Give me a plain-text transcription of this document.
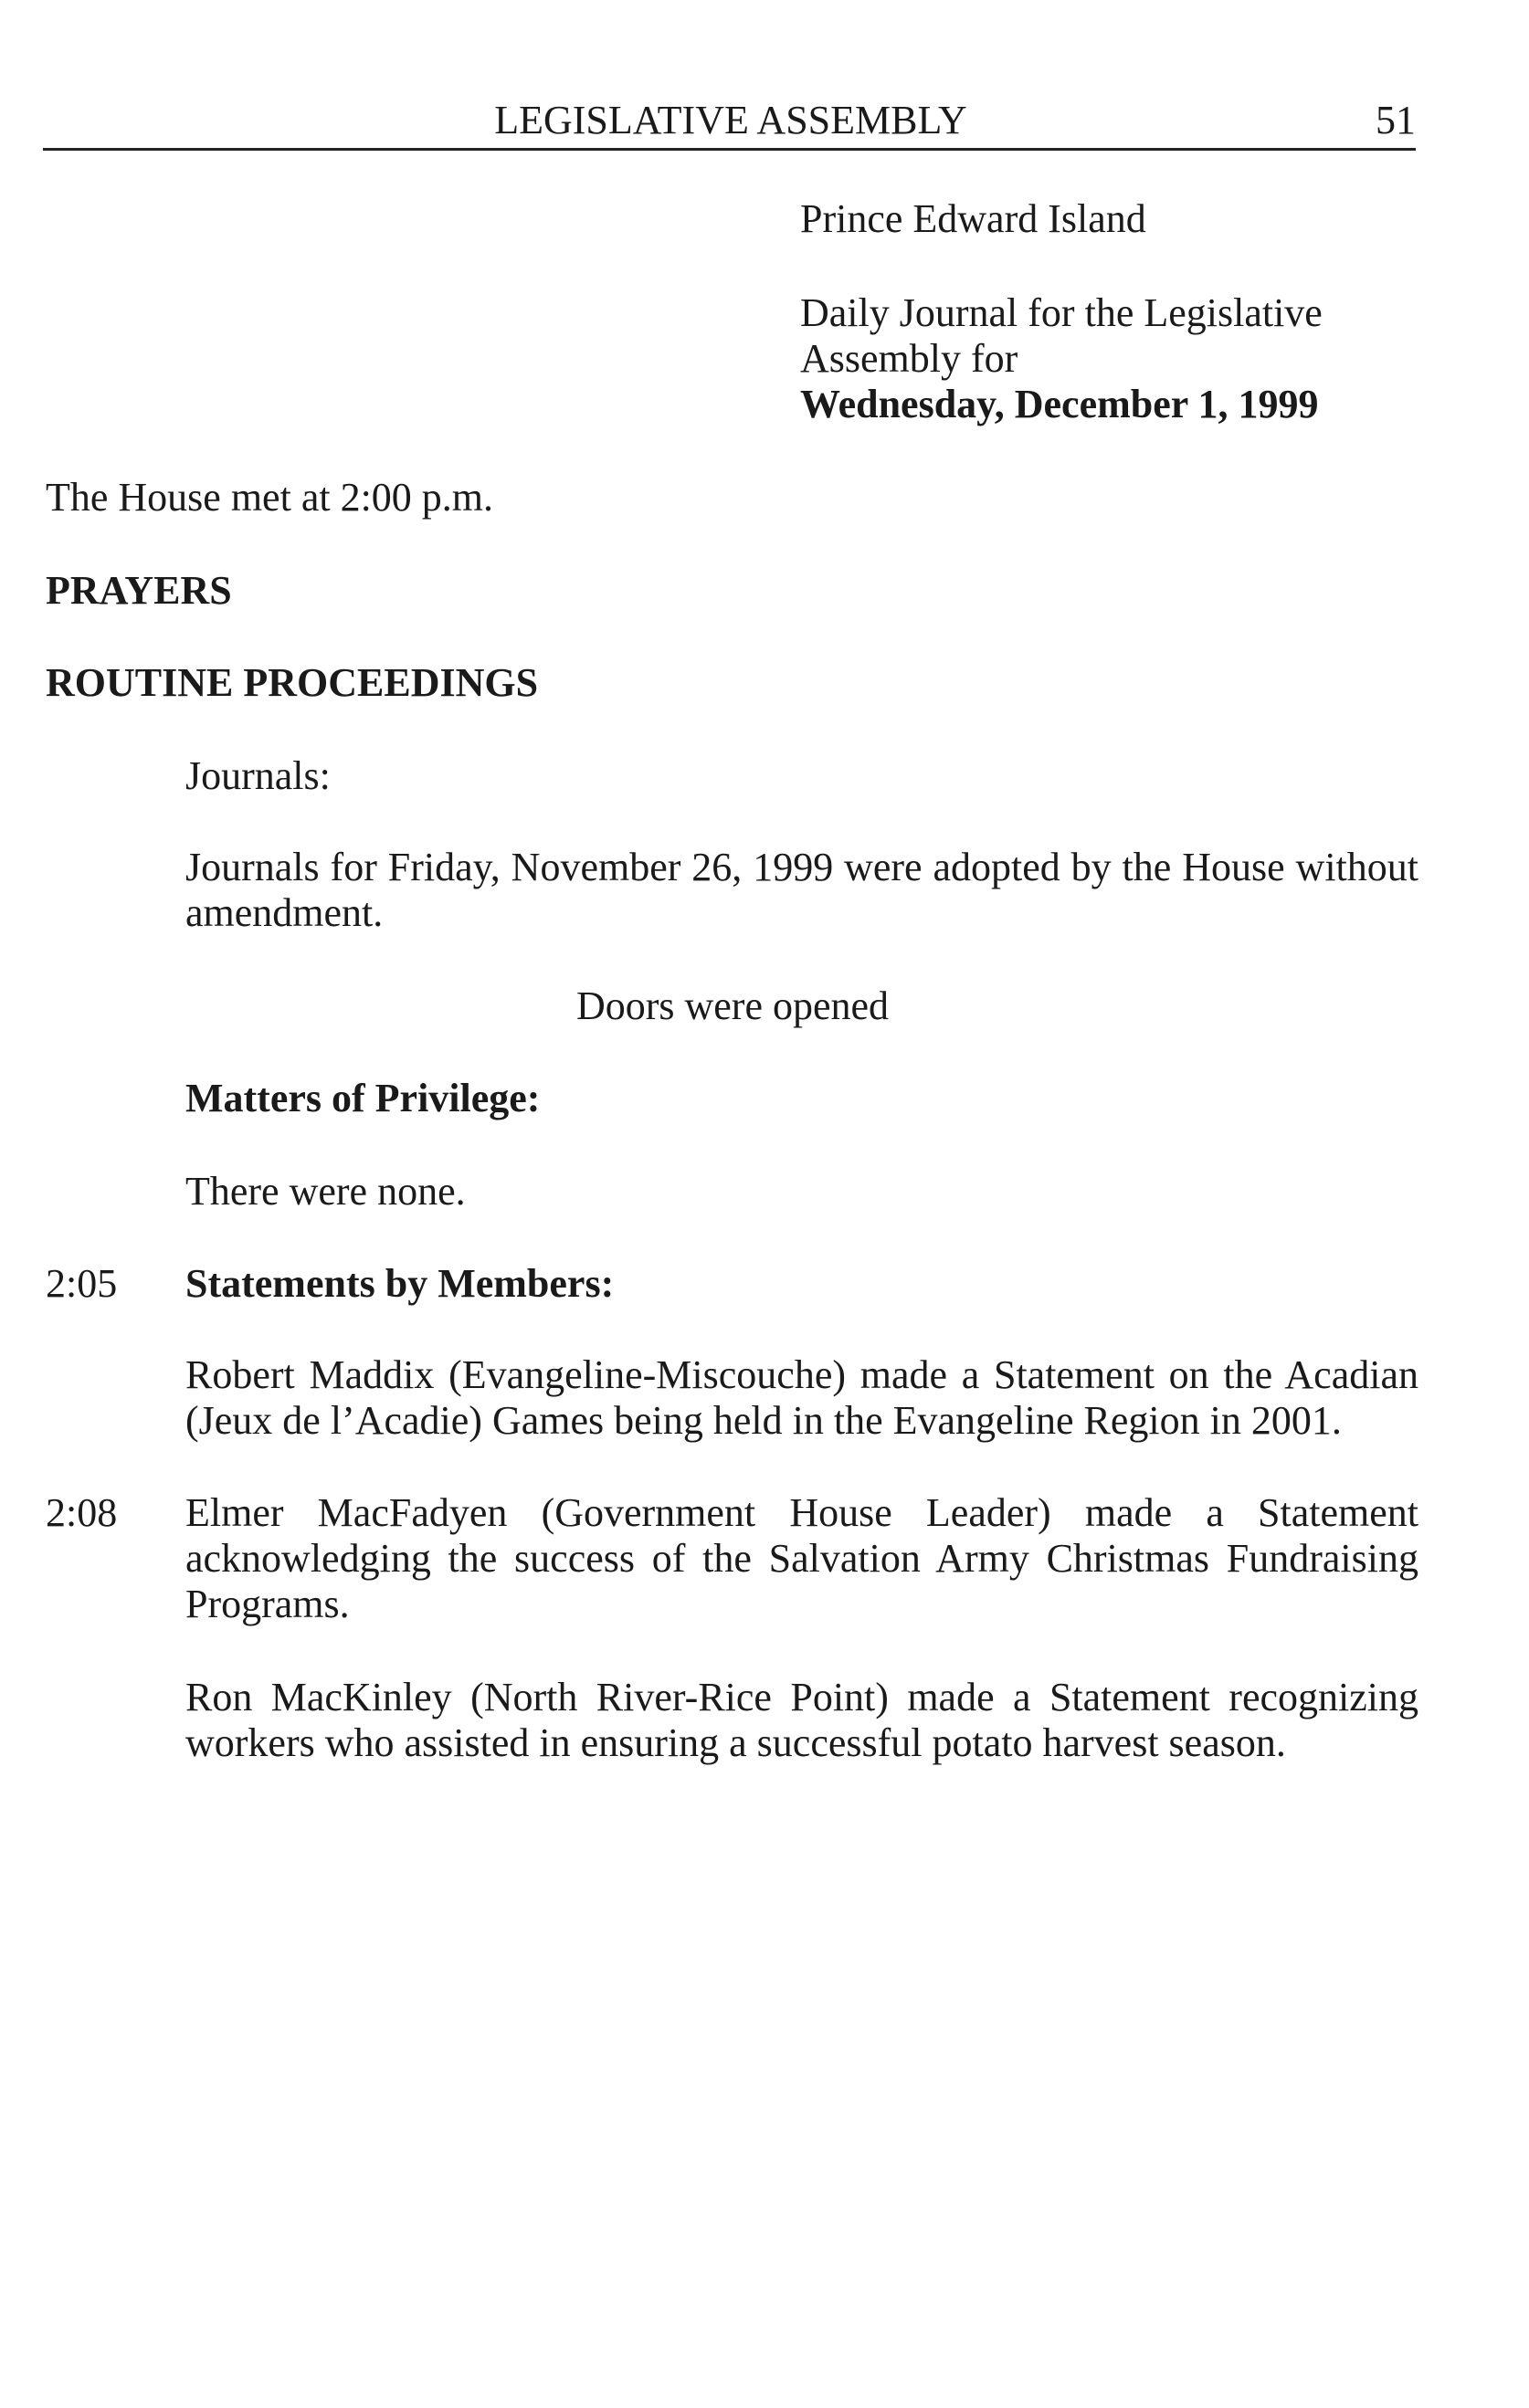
LEGISLATIVE ASSEMBLY	51
Prince Edward Island
Daily Journal for the Legislative Assembly for
Wednesday, December 1, 1999
The House met at 2:00 p.m.
PRAYERS
ROUTINE PROCEEDINGS
Journals:
Journals for Friday, November 26, 1999 were adopted by the House without amendment.
Doors were opened
Matters of Privilege:
There were none.
2:05 Statements by Members:
Robert Maddix (Evangeline-Miscouche) made a Statement on the Acadian (Jeux de l’Acadie) Games being held in the Evangeline Region in 2001.
2:08 Elmer MacFadyen (Government House Leader) made a Statement acknowledging the success of the Salvation Army Christmas Fundraising Programs.
Ron MacKinley (North River-Rice Point) made a Statement recognizing workers who assisted in ensuring a successful potato harvest season.
